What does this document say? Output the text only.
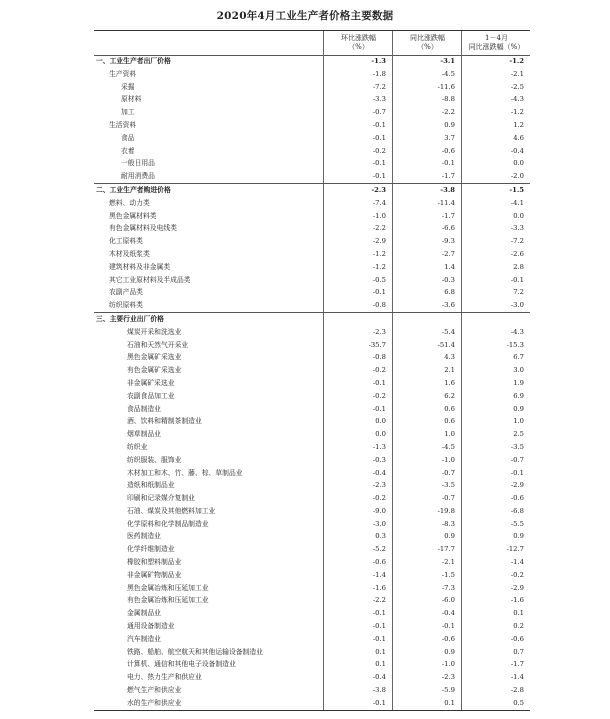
2020年4月工业生产者价格主要数据
环比涨跌幅
（%）
同比涨跌幅
（%）
1－4月
同比涨跌幅（%）
一、工业生产者出厂价格	-1.3	-3.1	-1.2
生产资料	-1.8	-4.5	-2.1
采掘	-7.2	-11.6	-2.5
原材料	-3.3	-8.8	-4.3
加工	-0.7	-2.2	-1.2
生活资料	-0.1	0.9	1.2
食品	-0.1	3.7	4.6
衣着	-0.2	-0.6	-0.4
一般日用品	-0.1	-0.1	0.0
耐用消费品	-0.1	-1.7	-2.0
二、工业生产者购进价格	-2.3	-3.8	-1.5
燃料、动力类	-7.4	-11.4	-4.1
黑色金属材料类	-1.0	-1.7	0.0
有色金属材料及电线类	-2.2	-6.6	-3.3
化工原料类	-2.9	-9.3	-7.2
木材及纸浆类	-1.2	-2.7	-2.6
建筑材料及非金属类	-1.2	1.4	2.8
其它工业原材料及半成品类	-0.5	-0.3	-0.1
农副产品类	-0.1	6.8	7.2
纺织原料类	-0.8	-3.6	-3.0
三、主要行业出厂价格
煤炭开采和洗选业	-2.3	-5.4	-4.3
石油和天然气开采业	-35.7	-51.4	-15.3
黑色金属矿采选业	-0.8	4.3	6.7
有色金属矿采选业	-0.2	2.1	3.0
非金属矿采选业	-0.1	1.6	1.9
农副食品加工业	-0.2	6.2	6.9
食品制造业	-0.1	0.6	0.9
酒、饮料和精制茶制造业	0.0	0.6	1.0
烟草制品业	0.0	1.0	2.5
纺织业	-1.3	-4.5	-3.5
纺织服装、服饰业	-0.3	-1.0	-0.7
木材加工和木、竹、藤、棕、草制品业	-0.4	-0.7	-0.1
造纸和纸制品业	-2.3	-3.5	-2.9
印刷和记录媒介复制业	-0.2	-0.7	-0.6
石油、煤炭及其他燃料加工业	-9.0	-19.8	-6.8
化学原料和化学制品制造业	-3.0	-8.3	-5.5
医药制造业	0.3	0.9	0.9
化学纤维制造业	-5.2	-17.7	-12.7
橡胶和塑料制品业	-0.6	-2.1	-1.4
非金属矿物制品业	-1.4	-1.5	-0.2
黑色金属冶炼和压延加工业	-1.6	-7.3	-2.9
有色金属冶炼和压延加工业	-2.2	-6.0	-1.6
金属制品业	-0.1	-0.4	0.1
通用设备制造业	-0.1	-0.1	0.2
汽车制造业	-0.1	-0.6	-0.6
铁路、船舶、航空航天和其他运输设备制造业	0.1	0.9	0.7
计算机、通信和其他电子设备制造业	0.1	-1.0	-1.7
电力、热力生产和供应业	-0.4	-2.3	-1.4
燃气生产和供应业	-3.8	-5.9	-2.8
水的生产和供应业	-0.1	0.1	0.5
